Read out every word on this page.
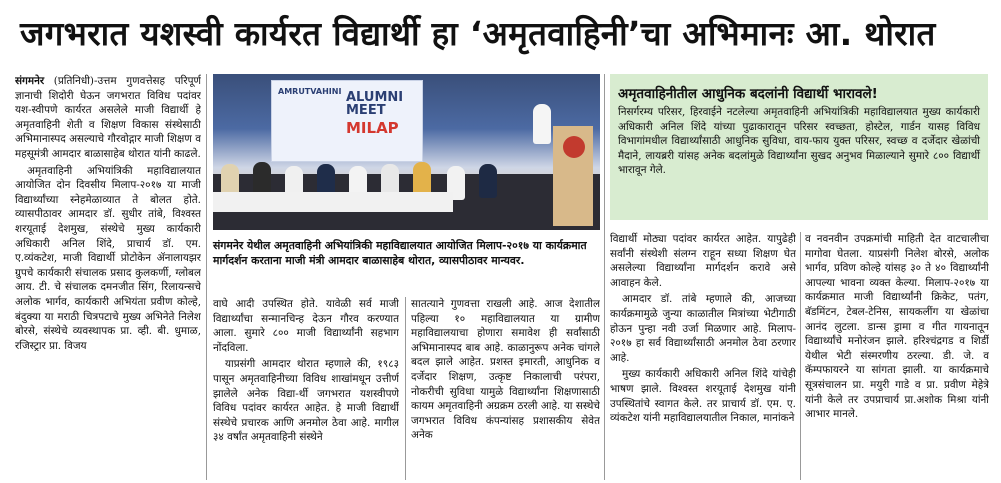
जगभरात यशस्वी कार्यरत विद्यार्थी हा ‘अमृतवाहिनी’चा अभिमानः आ. थोरात

संगमनेर (प्रतिनिधी)-उत्तम गुणवत्तेसह परिपूर्ण ज्ञानाची शिदोरी घेऊन जगभरात विविध पदांवर यश-स्वीपणे कार्यरत असलेले माजी विद्यार्थी हे अमृतवाहिनी शेती व शिक्षण विकास संस्थेसाठी अभिमानास्पद असल्याचे गौरवोद्गार माजी शिक्षण व महसूमंत्री आमदार बाळासाहेब थोरात यांनी काढले.

अमृतवाहिनी अभियांत्रिकी महाविद्यालयात आयोजित दोन दिवसीय मिलाप-२०१७ या माजी विद्यार्थ्यांच्या स्नेहमेळाव्यात ते बोलत होते. व्यासपीठावर आमदार डॉ. सुधीर तांबे, विश्वस्त शरयूताई देशमुख, संस्थेचे मुख्य कार्यकारी अधिकारी अनिल शिंदे, प्राचार्य डॉ. एम. ए.व्यंकटेश, माजी विद्यार्थी प्रोटोकेन ॲनालायझर ग्रुपचे कार्यकारी संचालक प्रसाद कुलकर्णी, ग्लोबल आय. टी. चे संचालक दमनजीत सिंग, रिलायन्सचे अलोक भार्गव, कार्यकारी अभियंता प्रवीण कोल्हे, बंदुक्या या मराठी चित्रपटाचे मुख्य अभिनेते निलेश बोरसे, संस्थेचे व्यवस्थापक प्रा. व्ही. बी. धुमाळ, रजिस्ट्रार प्रा. विजय

AMRUTVAHINI ALUMNI MEET
MILAP
संगमनेर येथील अमृतवाहिनी अभियांत्रिकी महाविद्यालयात आयोजित मिलाप-२०१७ या कार्यक्रमात मार्गदर्शन करताना माजी मंत्री आमदार बाळासाहेब थोरात, व्यासपीठावर मान्यवर.

वाघे आदी उपस्थित होते. यावेळी सर्व माजी विद्यार्थ्यांचा सन्मानचिन्ह देऊन गौरव करण्यात आला. सुमारे ८०० माजी विद्यार्थ्यांनी सहभाग नोंदविला.

याप्रसंगी आमदार थोरात म्हणाले की, १९८३ पासून अमृतवाहिनीच्या विविध शाखांमधून उत्तीर्ण झालेले अनेक विद्या-र्थी जगभरात यशस्वीपणे विविध पदांवर कार्यरत आहेत. हे माजी विद्यार्थी संस्थेचे प्रचारक आणि अनमोल ठेवा आहे. मागील ३४ वर्षांत अमृतवाहिनी संस्थेने

सातत्याने गुणवत्ता राखली आहे. आज देशातील पहिल्या १० महाविद्यालयात या ग्रामीण महाविद्यालयाचा होणारा समावेश ही सर्वांसाठी अभिमानास्पद बाब आहे. काळानुरूप अनेक चांगले बदल झाले आहेत. प्रशस्त इमारती, आधुनिक व दर्जेदार शिक्षण, उत्कृष्ट निकालाची परंपरा, नोकरीची सुविधा यामुळे विद्यार्थ्यांना शिक्षणासाठी कायम अमृतवाहिनी अग्रक्रम ठरली आहे. या सस्थेचे जगभरात विविध कंपन्यांसह प्रशासकीय सेवेत अनेक

विद्यार्थी मोठ्या पदांवर कार्यरत आहेत. यापुढेही सर्वांनी संस्थेशी संलग्न राहून सध्या शिक्षण घेत असलेल्या विद्यार्थ्यांना मार्गदर्शन करावे असे आवाहन केले.

आमदार डॉ. तांबे म्हणाले की, आजच्या कार्यक्रमामुळे जुन्या काळातील मित्रांच्या भेटीगाठी होऊन पुन्हा नवी उर्जा मिळणार आहे. मिलाप- २०१७ हा सर्व विद्यार्थ्यांसाठी अनमोल ठेवा ठरणार आहे.

मुख्य कार्यकारी अधिकारी अनिल शिंदे यांचेही भाषण झाले. विश्वस्त शरयूताई देशमुख यांनी उपस्थितांचे स्वागत केले. तर प्राचार्य डॉ. एम. ए. व्यंकटेश यांनी महाविद्यालयातील निकाल, मानांकने

व नवनवीन उपक्रमांची माहिती देत वाटचालीचा मागोवा घेतला. याप्रसंगी निलेश बोरसे, अलोक भार्गव, प्रविण कोल्हे यांसह ३० ते ४० विद्यार्थ्यांनी आपल्या भावना व्यक्त केल्या. मिलाप-२०१७ या कार्यक्रमात माजी विद्यार्थ्यांनी क्रिकेट, पतंग, बॅडमिंटन, टेबल-टेनिस, सायकलींग या खेळांचा आनंद लुटला. डान्स ड्रामा व गीत गायनातून विद्यार्थ्यांचे मनोरंजन झाले. हरिश्चंद्रगड व शिर्डी येथील भेटी संस्मरणीय ठरल्या. डी. जे. व कॅम्पफायरने या सांगता झाली. या कार्यक्रमाचे सूत्रसंचालन प्रा. मयुरी गाडे व प्रा. प्रवीण मेहेत्रे यांनी केले तर उपप्राचार्य प्रा.अशोक मिश्रा यांनी आभार मानले.

अमृतवाहिनीतील आधुनिक बदलांनी विद्यार्थी भारावले!
निसर्गरम्य परिसर, हिरवाईने नटलेल्या अमृतवाहिनी अभियांत्रिकी महाविद्यालयात मुख्य कार्यकारी अधिकारी अनिल शिंदे यांच्या पुढाकारातून परिसर स्वच्छता, होस्टेल, गार्डन यासह विविध विभागांमधील विद्यार्थ्यांसाठी आधुनिक सुविधा, वाय-फाय युक्त परिसर, स्वच्छ व दर्जेदार खेळांची मैदाने, लायब्ररी यांसह अनेक बदलांमुळे विद्यार्थ्यांना सुखद अनुभव मिळाल्याने सुमारे ८०० विद्यार्थी भारावून गेले.
